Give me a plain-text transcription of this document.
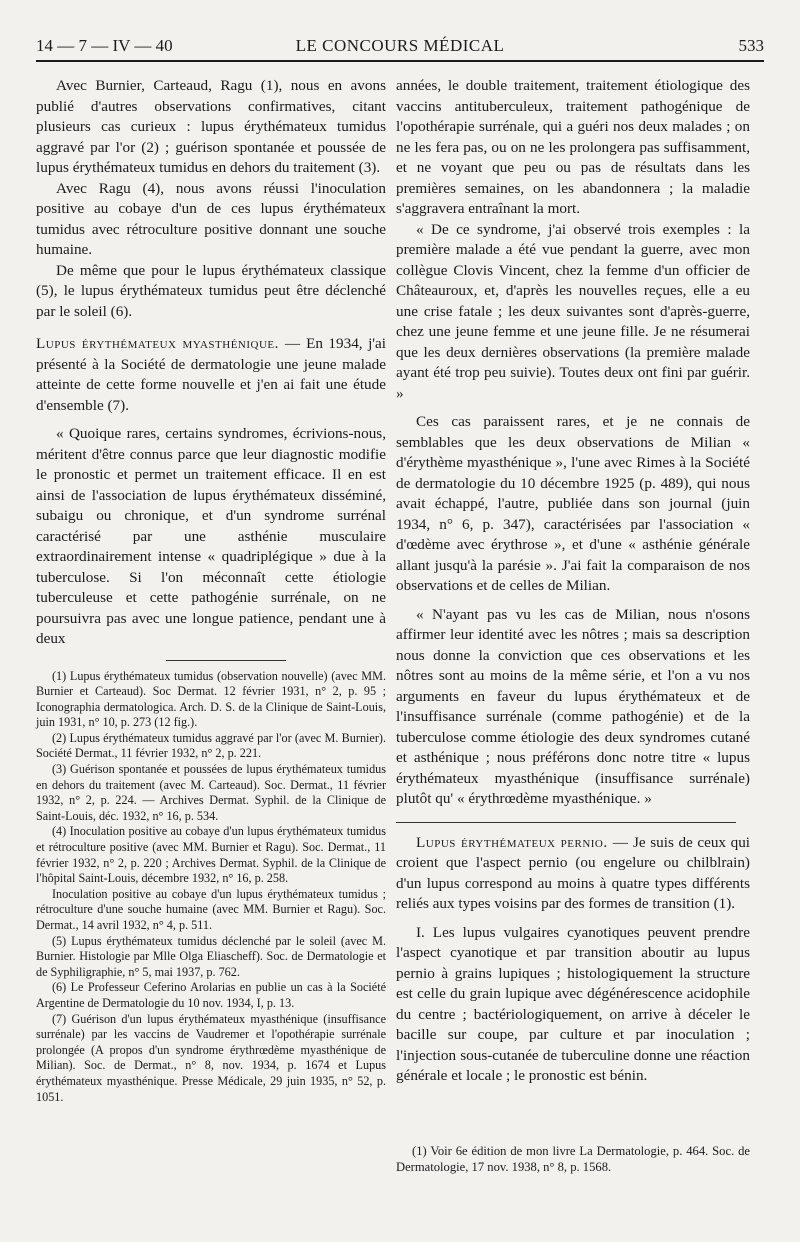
14 — 7 — IV — 40	LE CONCOURS MÉDICAL	533

Avec Burnier, Carteaud, Ragu (1), nous en avons publié d'autres observations confirmatives, citant plusieurs cas curieux : lupus érythémateux tumidus aggravé par l'or (2) ; guérison spontanée et poussée de lupus érythémateux tumidus en dehors du traitement (3).

Avec Ragu (4), nous avons réussi l'inoculation positive au cobaye d'un de ces lupus érythémateux tumidus avec rétroculture positive donnant une souche humaine.

De même que pour le lupus érythémateux classique (5), le lupus érythémateux tumidus peut être déclenché par le soleil (6).

Lupus érythémateux myasthénique. — En 1934, j'ai présenté à la Société de dermatologie une jeune malade atteinte de cette forme nouvelle et j'en ai fait une étude d'ensemble (7).

« Quoique rares, certains syndromes, écrivions-nous, méritent d'être connus parce que leur diagnostic modifie le pronostic et permet un traitement efficace. Il en est ainsi de l'association de lupus érythémateux disséminé, subaigu ou chronique, et d'un syndrome surrénal caractérisé par une asthénie musculaire extraordinairement intense « quadriplégique » due à la tuberculose. Si l'on méconnaît cette étiologie tuberculeuse et cette pathogénie surrénale, on ne poursuivra pas avec une longue patience, pendant une à deux

(1) Lupus érythémateux tumidus (observation nouvelle) (avec MM. Burnier et Carteaud). Soc Dermat. 12 février 1931, n° 2, p. 95 ; Iconographia dermatologica. Arch. D. S. de la Clinique de Saint-Louis, juin 1931, n° 10, p. 273 (12 fig.).

(2) Lupus érythémateux tumidus aggravé par l'or (avec M. Burnier). Société Dermat., 11 février 1932, n° 2, p. 221.

(3) Guérison spontanée et poussées de lupus érythémateux tumidus en dehors du traitement (avec M. Carteaud). Soc. Dermat., 11 février 1932, n° 2, p. 224. — Archives Dermat. Syphil. de la Clinique de Saint-Louis, déc. 1932, n° 16, p. 534.

(4) Inoculation positive au cobaye d'un lupus érythémateux tumidus et rétroculture positive (avec MM. Burnier et Ragu). Soc. Dermat., 11 février 1932, n° 2, p. 220 ; Archives Dermat. Syphil. de la Clinique de l'hôpital Saint-Louis, décembre 1932, n° 16, p. 258.

Inoculation positive au cobaye d'un lupus érythémateux tumidus ; rétroculture d'une souche humaine (avec MM. Burnier et Ragu). Soc. Dermat., 14 avril 1932, n° 4, p. 511.

(5) Lupus érythémateux tumidus déclenché par le soleil (avec M. Burnier. Histologie par Mlle Olga Eliascheff). Soc. de Dermatologie et de Syphiligraphie, n° 5, mai 1937, p. 762.

(6) Le Professeur Ceferino Arolarias en publie un cas à la Société Argentine de Dermatologie du 10 nov. 1934, I, p. 13.

(7) Guérison d'un lupus érythémateux myasthénique (insuffisance surrénale) par les vaccins de Vaudremer et l'opothérapie surrénale prolongée (A propos d'un syndrome érythrœdème myasthénique de Milian). Soc. de Dermat., n° 8, nov. 1934, p. 1674 et Lupus érythémateux myasthénique. Presse Médicale, 29 juin 1935, n° 52, p. 1051.

années, le double traitement, traitement étiologique des vaccins antituberculeux, traitement pathogénique de l'opothérapie surrénale, qui a guéri nos deux malades ; on ne les fera pas, ou on ne les prolongera pas suffisamment, et ne voyant que peu ou pas de résultats dans les premières semaines, on les abandonnera ; la maladie s'aggravera entraînant la mort.

« De ce syndrome, j'ai observé trois exemples : la première malade a été vue pendant la guerre, avec mon collègue Clovis Vincent, chez la femme d'un officier de Châteauroux, et, d'après les nouvelles reçues, elle a eu une crise fatale ; les deux suivantes sont d'après-guerre, chez une jeune femme et une jeune fille. Je ne résumerai que les deux dernières observations (la première malade ayant été trop peu suivie). Toutes deux ont fini par guérir. »

Ces cas paraissent rares, et je ne connais de semblables que les deux observations de Milian « d'érythème myasthénique », l'une avec Rimes à la Société de dermatologie du 10 décembre 1925 (p. 489), qui nous avait échappé, l'autre, publiée dans son journal (juin 1934, n° 6, p. 347), caractérisées par l'association « d'œdème avec érythrose », et d'une « asthénie générale allant jusqu'à la parésie ». J'ai fait la comparaison de nos observations et de celles de Milian.

« N'ayant pas vu les cas de Milian, nous n'osons affirmer leur identité avec les nôtres ; mais sa description nous donne la conviction que ces observations et les nôtres sont au moins de la même série, et l'on a vu nos arguments en faveur du lupus érythémateux et de l'insuffisance surrénale (comme pathogénie) et de la tuberculose comme étiologie des deux syndromes cutané et asthénique ; nous préférons donc notre titre « lupus érythémateux myasthénique (insuffisance surrénale) plutôt qu' « érythrœdème myasthénique. »

Lupus érythémateux pernio. — Je suis de ceux qui croient que l'aspect pernio (ou engelure ou chilblrain) d'un lupus correspond au moins à quatre types différents reliés aux types voisins par des formes de transition (1).

I. Les lupus vulgaires cyanotiques peuvent prendre l'aspect cyanotique et par transition aboutir au lupus pernio à grains lupiques ; histologiquement la structure est celle du grain lupique avec dégénérescence acidophile du centre ; bactériologiquement, on arrive à déceler le bacille sur coupe, par culture et par inoculation ; l'injection sous-cutanée de tuberculine donne une réaction générale et locale ; le pronostic est bénin.

(1) Voir 6e édition de mon livre La Dermatologie, p. 464. Soc. de Dermatologie, 17 nov. 1938, n° 8, p. 1568.
